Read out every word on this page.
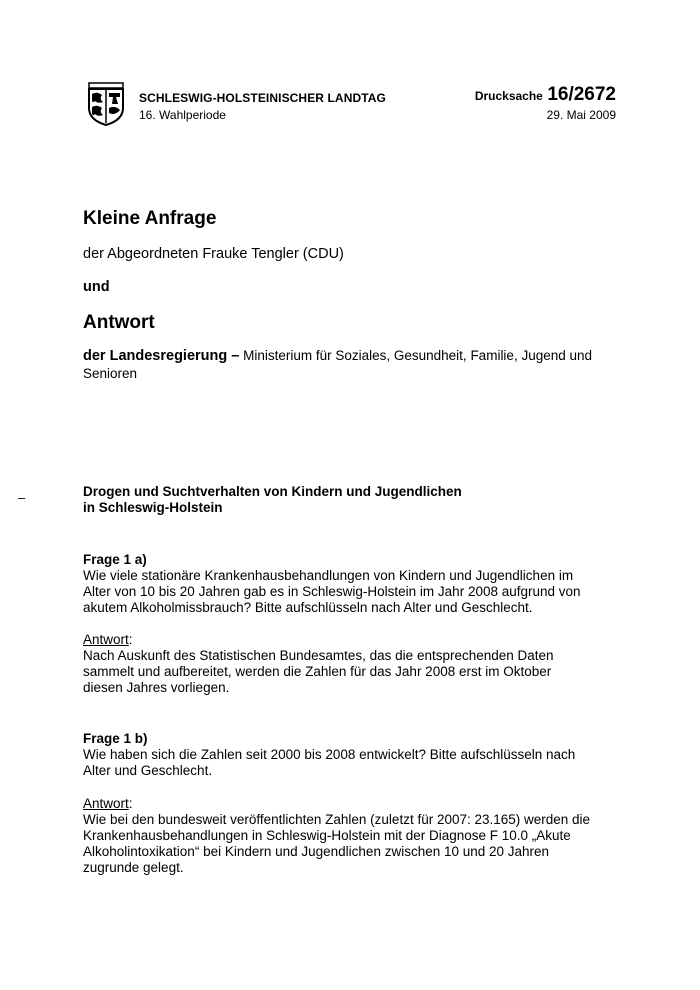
SCHLESWIG-HOLSTEINISCHER LANDTAG
16. Wahlperiode
Drucksache 16/2672
29. Mai 2009
Kleine Anfrage
der Abgeordneten Frauke Tengler (CDU)
und
Antwort
der Landesregierung – Ministerium für Soziales, Gesundheit, Familie, Jugend und Senioren
–	Drogen und Suchtverhalten von Kindern und Jugendlichen
in Schleswig-Holstein
Frage 1 a)
Wie viele stationäre Krankenhausbehandlungen von Kindern und Jugendlichen im
Alter von 10 bis 20 Jahren gab es in Schleswig-Holstein im Jahr 2008 aufgrund von
akutem Alkoholmissbrauch? Bitte aufschlüsseln nach Alter und Geschlecht.
Antwort:
Nach Auskunft des Statistischen Bundesamtes, das die entsprechenden Daten
sammelt und aufbereitet, werden die Zahlen für das Jahr 2008 erst im Oktober
diesen Jahres vorliegen.
Frage 1 b)
Wie haben sich die Zahlen seit 2000 bis 2008 entwickelt? Bitte aufschlüsseln nach
Alter und Geschlecht.
Antwort:
Wie bei den bundesweit veröffentlichten Zahlen (zuletzt für 2007: 23.165) werden die
Krankenhausbehandlungen in Schleswig-Holstein mit der Diagnose F 10.0 „Akute
Alkoholintoxikation“ bei Kindern und Jugendlichen zwischen 10 und 20 Jahren
zugrunde gelegt.
